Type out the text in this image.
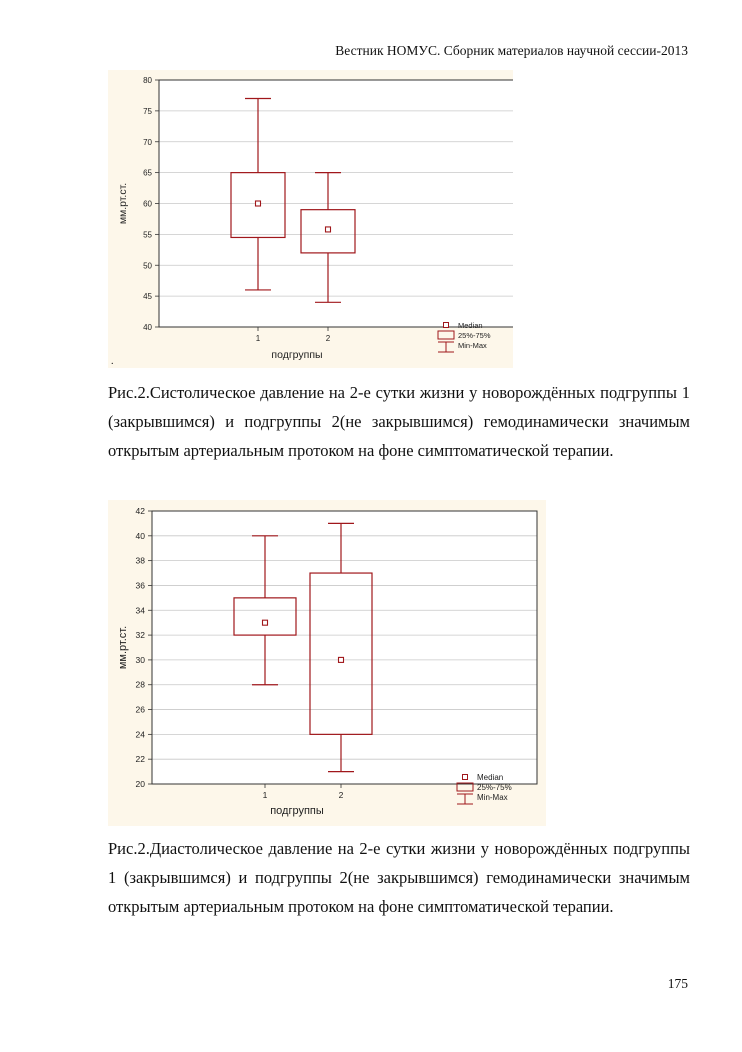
Вестник НОМУС. Сборник материалов научной сессии-2013
40
45
50
55
60
65
70
75
80
1	2
мм.рт.ст.
подгруппы
Median
25%-75%
Min-Max
.
Рис.2.Систолическое давление на 2-е сутки жизни у новорождённых подгруппы 1 (закрывшимся) и подгруппы 2(не закрывшимся) гемодинамически значимым открытым артериальным протоком на фоне симптоматической терапии.
20
22
24
26
28
30
32
34
36
38
40
42
1	2
мм.рт.ст.
подгруппы
Median
25%-75%
Min-Max
Рис.2.Диастолическое давление на 2-е сутки жизни у новорождённых подгруппы 1 (закрывшимся) и подгруппы 2(не закрывшимся) гемодинамически значимым открытым артериальным протоком на фоне симптоматической терапии.
175
